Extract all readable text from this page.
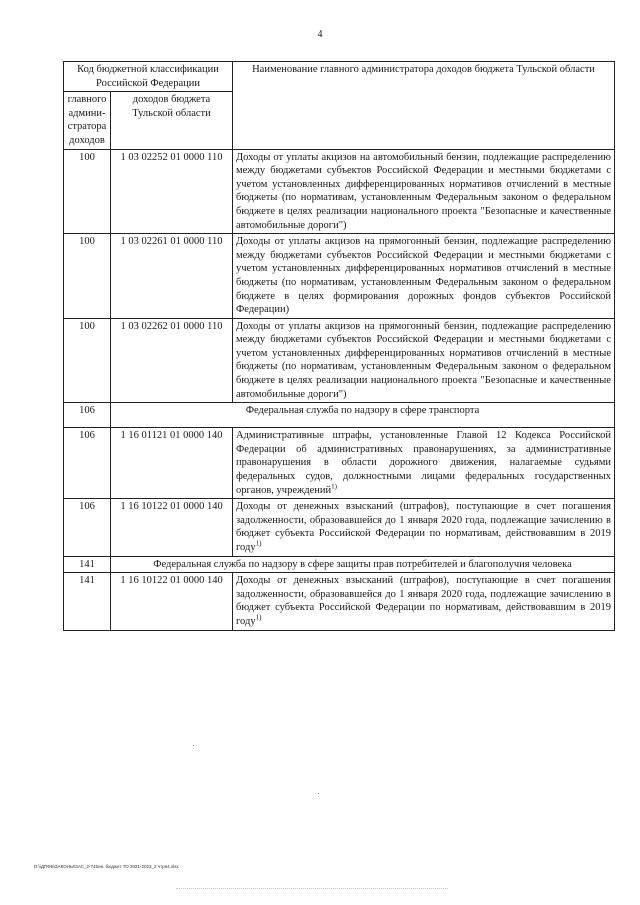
4
Код бюджетной классификации Российской Федерации		Наименование главного администратора доходов бюджета Тульской области
главного админи-стратора доходов	доходов бюджета Тульской области	
100	1 03 02252 01 0000 110	Доходы от уплаты акцизов на автомобильный бензин, подлежащие распределению между бюджетами субъектов Российской Федерации и местными бюджетами с учетом установленных дифференцированных нормативов отчислений в местные бюджеты (по нормативам, установленным Федеральным законом о федеральном бюджете в целях реализации национального проекта "Безопасные и качественные автомобильные дороги")
100	1 03 02261 01 0000 110	Доходы от уплаты акцизов на прямогонный бензин, подлежащие распределению между бюджетами субъектов Российской Федерации и местными бюджетами с учетом установленных дифференцированных нормативов отчислений в местные бюджеты (по нормативам, установленным Федеральным законом о федеральном бюджете в целях формирования дорожных фондов субъектов Российской Федерации)
100	1 03 02262 01 0000 110	Доходы от уплаты акцизов на прямогонный бензин, подлежащие распределению между бюджетами субъектов Российской Федерации и местными бюджетами с учетом установленных дифференцированных нормативов отчислений в местные бюджеты (по нормативам, установленным Федеральным законом о федеральном бюджете в целях реализации национального проекта "Безопасные и качественные автомобильные дороги")
106	Федеральная служба по надзору в сфере транспорта	
106	1 16 01121 01 0000 140	Административные штрафы, установленные Главой 12 Кодекса Российской Федерации об административных правонарушениях, за административные правонарушения в области дорожного движения, налагаемые судьями федеральных судов, должностными лицами федеральных государственных органов, учреждений$^{1)}$
106	1 16 10122 01 0000 140	Доходы от денежных взысканий (штрафов), поступающие в счет погашения задолженности, образовавшейся до 1 января 2020 года, подлежащие зачислению в бюджет субъекта Российской Федерации по нормативам, действовавшим в 2019 году$^{1)}$
141	Федеральная служба по надзору в сфере защиты прав потребителей и благополучия человека	
141	1 16 10122 01 0000 140	Доходы от денежных взысканий (штрафов), поступающие в счет погашения задолженности, образовавшейся до 1 января 2020 года, подлежащие зачислению в бюджет субъекта Российской Федерации по нормативам, действовавшим в 2019 году$^{1)}$
D:\\ДПФБ\ЗАКОНЫ\ЗАС_2-745ин. бюджет ТО 2021-2023_2 чтрн4.xlsx
